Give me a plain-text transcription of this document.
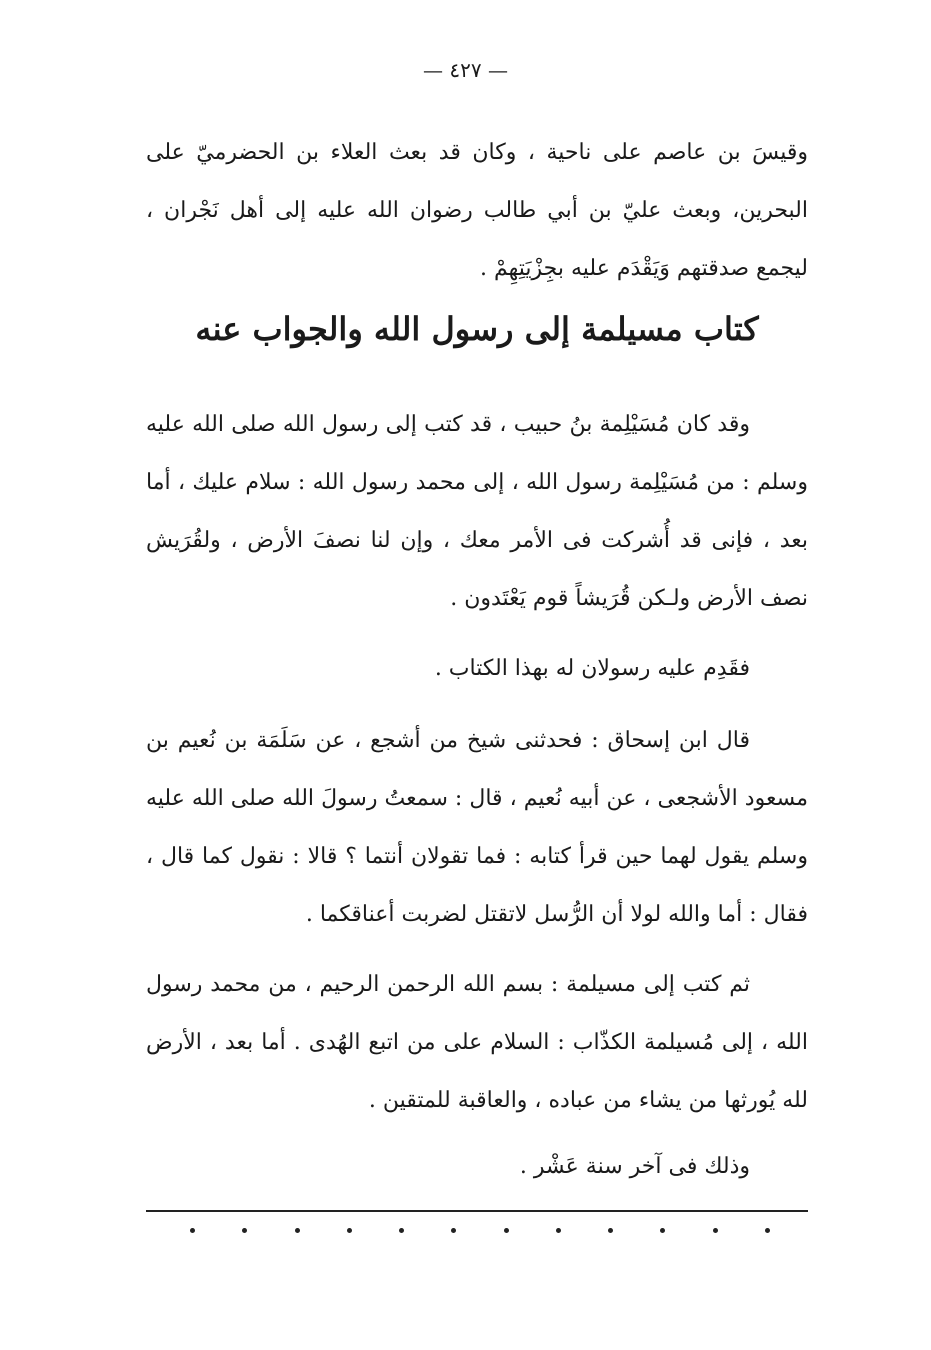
— ٤٢٧ —
وقيسَ بن عاصم على ناحية ، وكان قد بعث العلاء بن الحضرميّ على البحرين، وبعث عليّ بن أبي طالب رضوان الله عليه إلى أهل نَجْران ، ليجمع صدقتهم وَيَقْدَم عليه بجِزْيَتِهِمْ .
كتاب مسيلمة إلى رسول الله والجواب عنه
وقد كان مُسَيْلِمة بنُ حبيب ، قد كتب إلى رسول الله صلى الله عليه وسلم : من مُسَيْلِمة رسول الله ، إلى محمد رسول الله : سلام عليك ، أما بعد ، فإنى قد أُشركت فى الأمر معك ، وإن لنا نصفَ الأرض ، ولقُرَيش نصف الأرض ولـكن قُرَيشاً قوم يَعْتَدون .
فقَدِم عليه رسولان له بهذا الكتاب .
قال ابن إسحاق : فحدثنى شيخ من أشجع ، عن سَلَمَة بن نُعيم بن مسعود الأشجعى ، عن أبيه نُعيم ، قال : سمعتُ رسولَ الله صلى الله عليه وسلم يقول لهما حين قرأ كتابه : فما تقولان أنتما ؟ قالا : نقول كما قال ، فقال : أما والله لولا أن الرُّسل لاتقتل لضربت أعناقكما .
ثم كتب إلى مسيلمة : بسم الله الرحمن الرحيم ، من محمد رسول الله ، إلى مُسيلمة الكذّاب : السلام على من اتبع الهُدى . أما بعد ، الأرض لله يُورثها من يشاء من عباده ، والعاقبة للمتقين .
وذلك فى آخر سنة عَشْر .
